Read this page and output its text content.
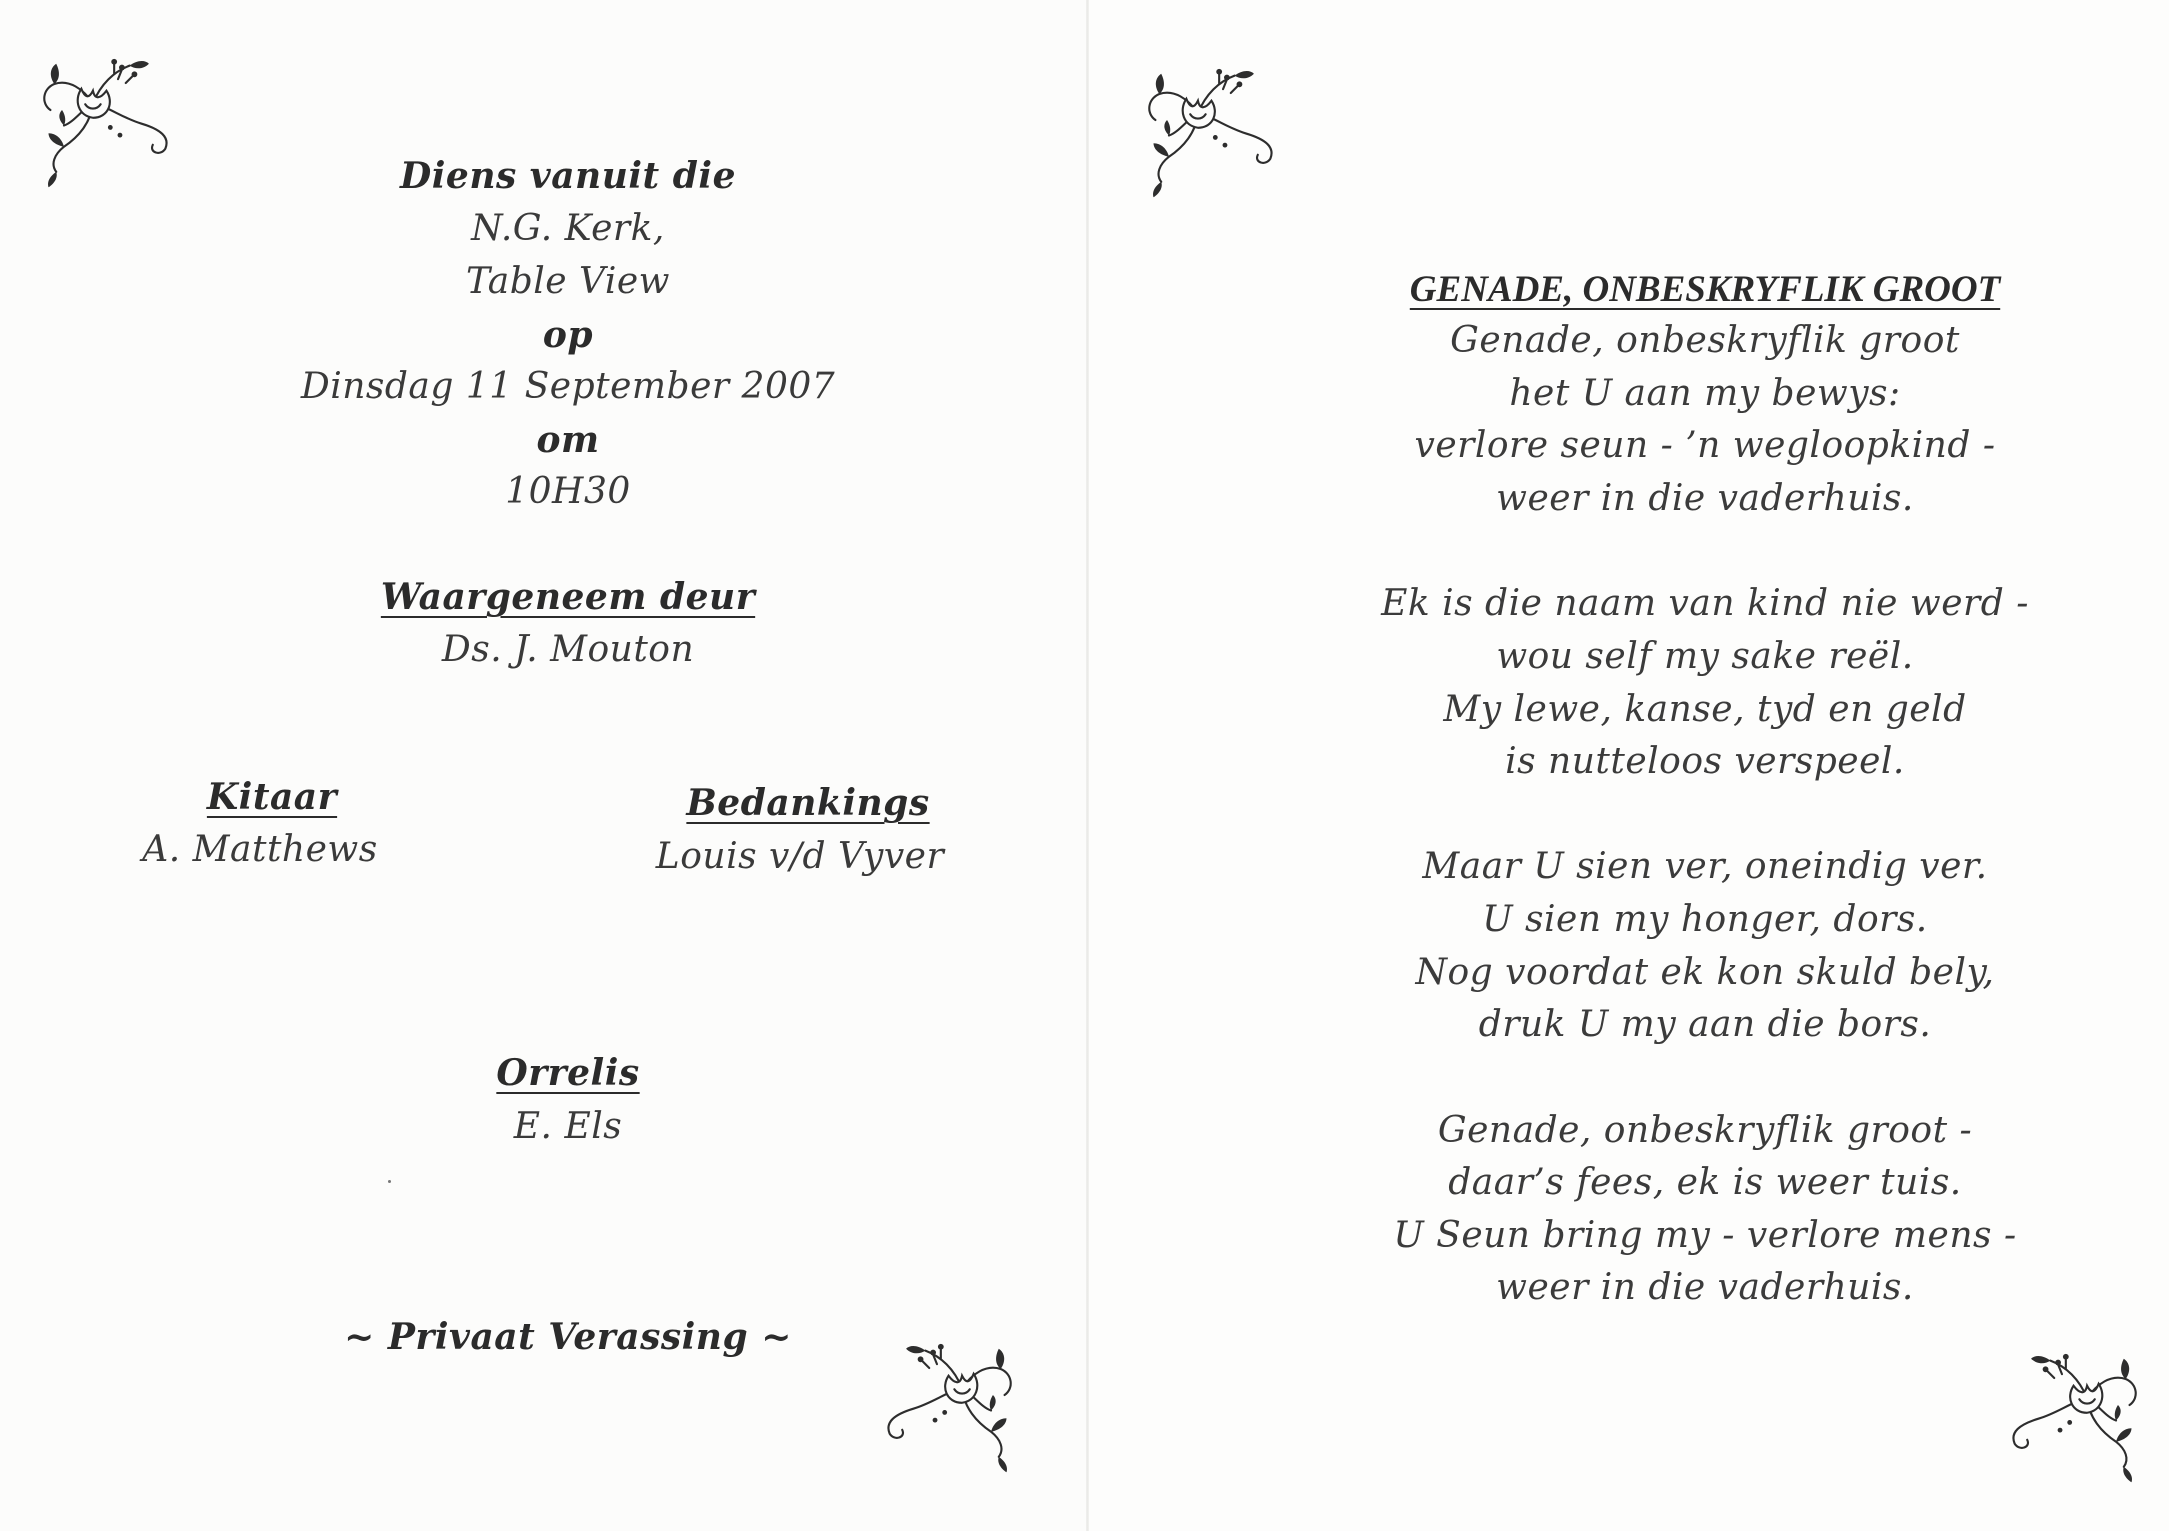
Diens vanuit die
N.G. Kerk,
Table View
op
Dinsdag 11 September 2007
om
10H30
Waargeneem deur
Ds. J. Mouton
Kitaar
A. Matthews
Bedankings
Louis v/d Vyver
Orrelis
E. Els
~ Privaat Verassing ~
GENADE, ONBESKRYFLIK GROOT
Genade, onbeskryflik groot
het U aan my bewys:
verlore seun - ’n wegloopkind -
weer in die vaderhuis.
Ek is die naam van kind nie werd -
wou self my sake reël.
My lewe, kanse, tyd en geld
is nutteloos verspeel.
Maar U sien ver, oneindig ver.
U sien my honger, dors.
Nog voordat ek kon skuld bely,
druk U my aan die bors.
Genade, onbeskryflik groot -
daar’s fees, ek is weer tuis.
U Seun bring my - verlore mens -
weer in die vaderhuis.
